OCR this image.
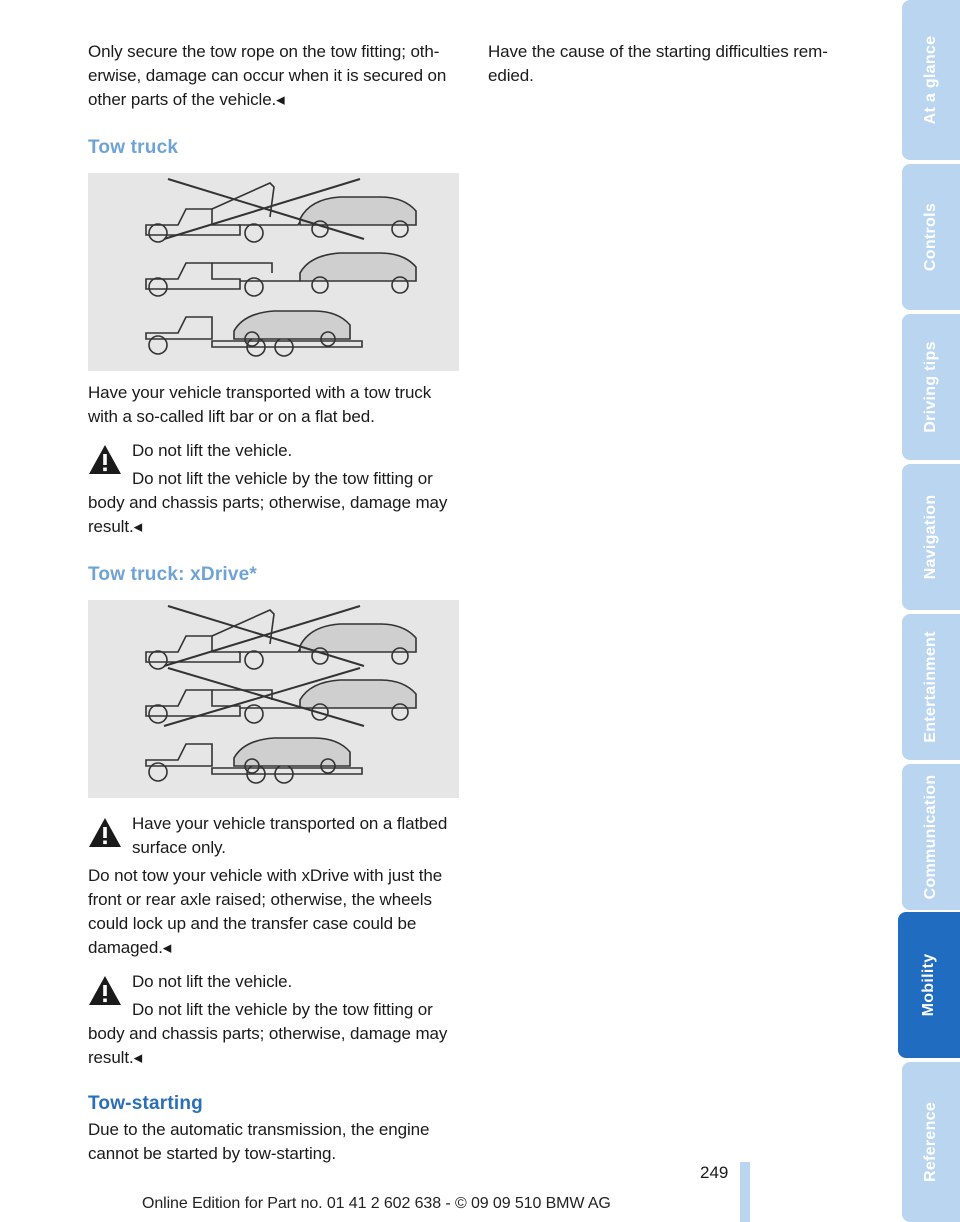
Only secure the tow rope on the tow fitting; oth-erwise, damage can occur when it is secured on other parts of the vehicle.◂

Tow truck

Have your vehicle transported with a tow truck with a so-called lift bar or on a flat bed.

Do not lift the vehicle.

Do not lift the vehicle by the tow fitting or body and chassis parts; otherwise, damage may result.◂

Tow truck: xDrive*

Have your vehicle transported on a flatbed surface only.

Do not tow your vehicle with xDrive with just the front or rear axle raised; otherwise, the wheels could lock up and the transfer case could be damaged.◂

Do not lift the vehicle.

Do not lift the vehicle by the tow fitting or body and chassis parts; otherwise, damage may result.◂

Tow-starting

Due to the automatic transmission, the engine cannot be started by tow-starting.

Have the cause of the starting difficulties rem-edied.	At a glance
Controls
Driving tips
Navigation
Entertainment
Communication
Mobility
Reference
249
Online Edition for Part no. 01 41 2 602 638 - © 09 09 510 BMW AG
